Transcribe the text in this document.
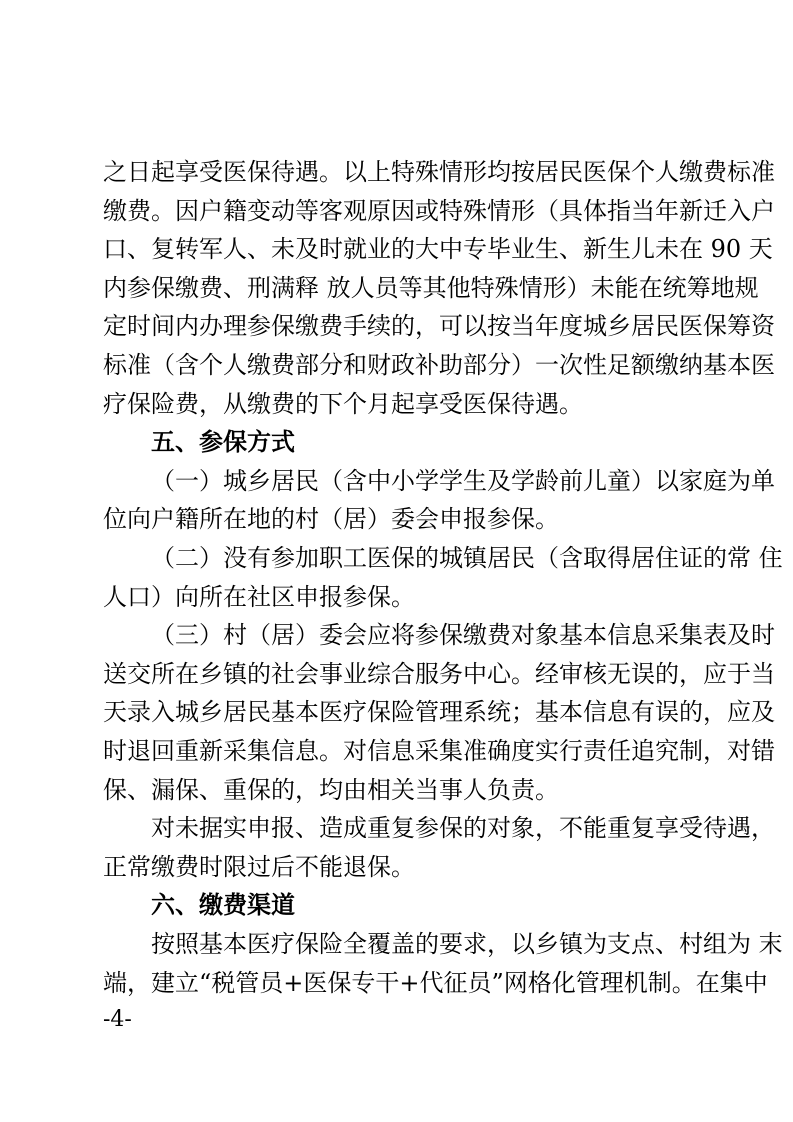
之日起享受医保待遇。以上特殊情形均按居民医保个人缴费标准
缴费。因户籍变动等客观原因或特殊情形（具体指当年新迁入户
口、复转军人、未及时就业的大中专毕业生、新生儿未在 90 天
内参保缴费、刑满释 放人员等其他特殊情形）未能在统筹地规
定时间内办理参保缴费手续的，可以按当年度城乡居民医保筹资
标准（含个人缴费部分和财政补助部分）一次性足额缴纳基本医
疗保险费，从缴费的下个月起享受医保待遇。
五、参保方式
（一）城乡居民（含中小学学生及学龄前儿童）以家庭为单
位向户籍所在地的村（居）委会申报参保。
（二）没有参加职工医保的城镇居民（含取得居住证的常 住
人口）向所在社区申报参保。
（三）村（居）委会应将参保缴费对象基本信息采集表及时
送交所在乡镇的社会事业综合服务中心。经审核无误的，应于当
天录入城乡居民基本医疗保险管理系统；基本信息有误的，应及
时退回重新采集信息。对信息采集准确度实行责任追究制，对错
保、漏保、重保的，均由相关当事人负责。
对未据实申报、造成重复参保的对象，不能重复享受待遇，
正常缴费时限过后不能退保。
六、缴费渠道
按照基本医疗保险全覆盖的要求，以乡镇为支点、村组为 末
端，建立“税管员+医保专干+代征员”网格化管理机制。在集中
-4-
